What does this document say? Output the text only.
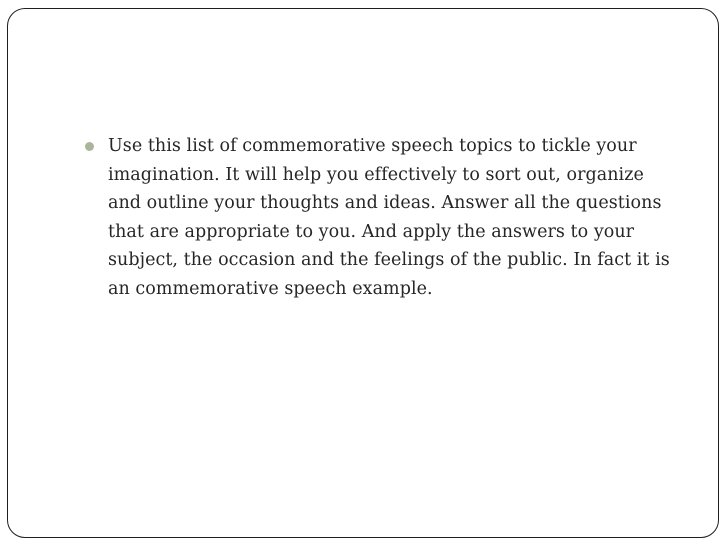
Use this list of commemorative speech topics to tickle your imagination. It will help you effectively to sort out, organize and outline your thoughts and ideas. Answer all the questions that are appropriate to you. And apply the answers to your subject, the occasion and the feelings of the public. In fact it is an commemorative speech example.
